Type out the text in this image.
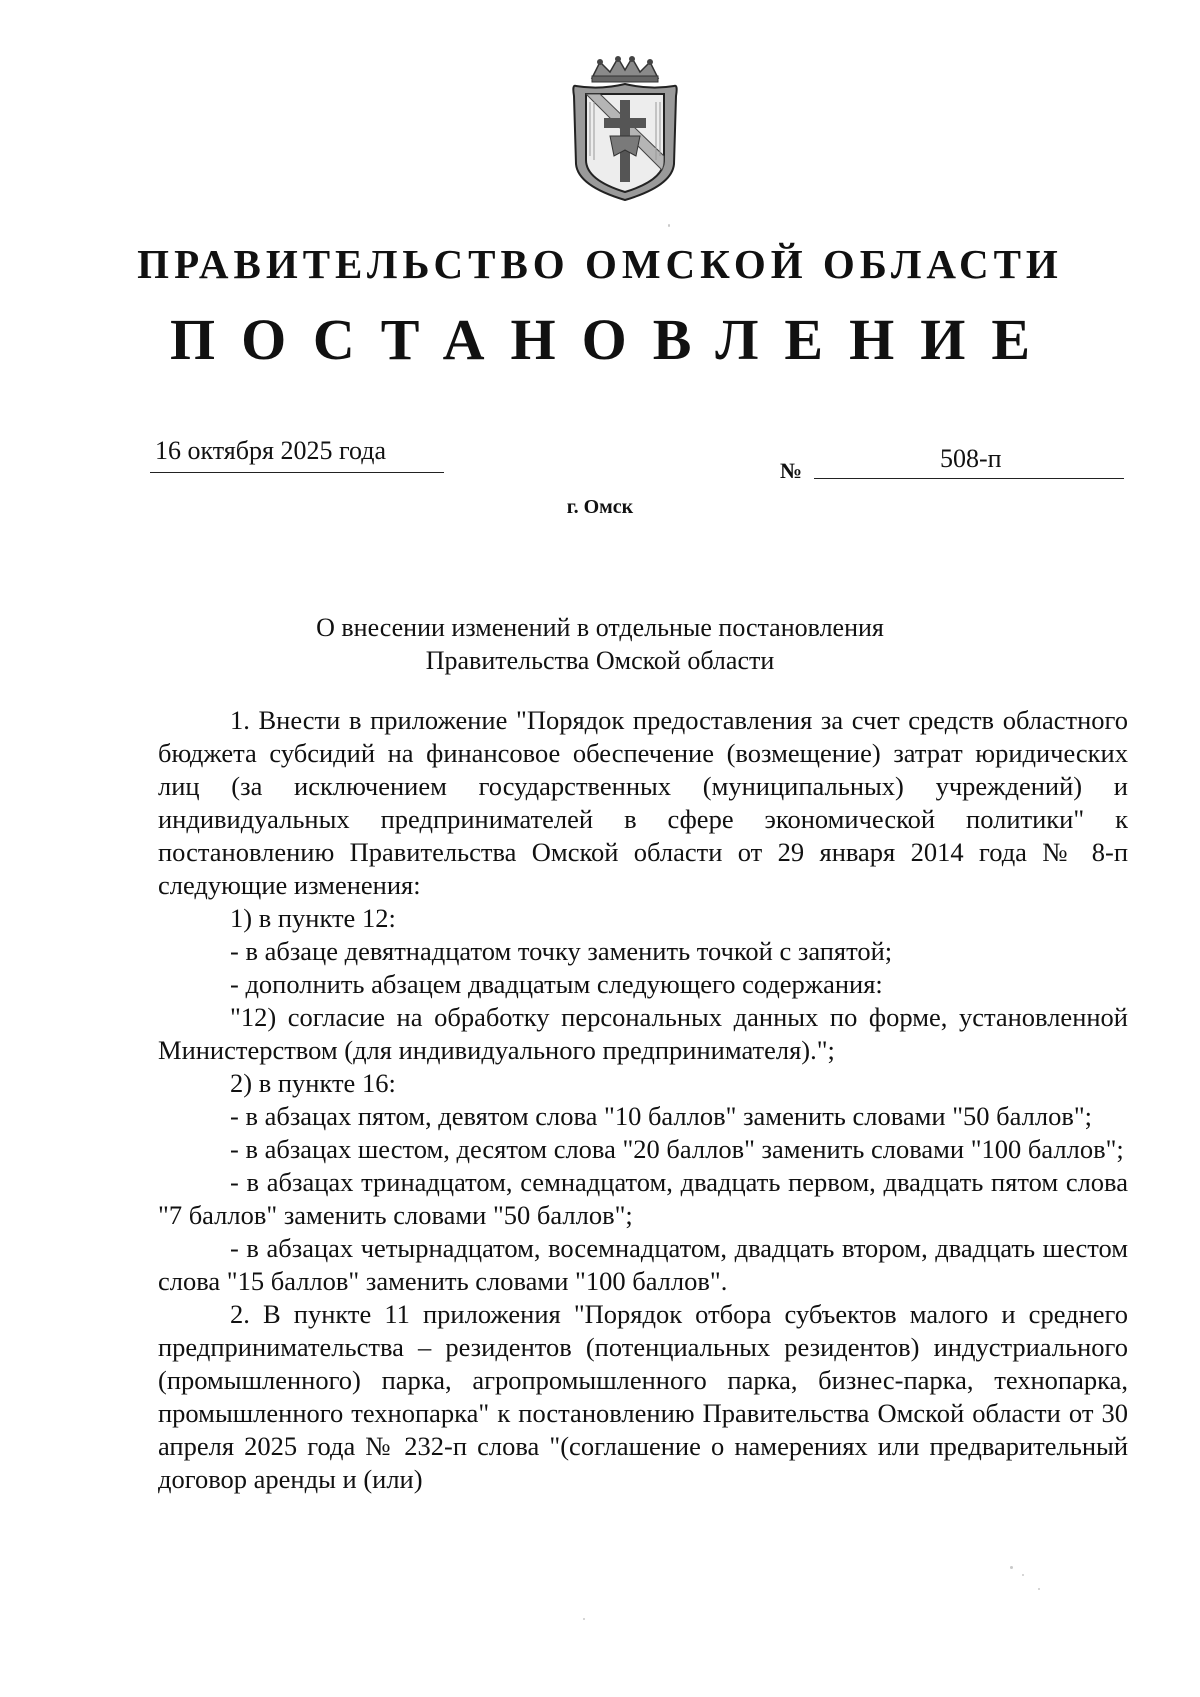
ПРАВИТЕЛЬСТВО ОМСКОЙ ОБЛАСТИ
ПОСТАНОВЛЕНИЕ
16 октября 2025 года
№	508-п
г. Омск
О внесении изменений в отдельные постановления
Правительства Омской области

1. Внести в приложение "Порядок предоставления за счет средств областного бюджета субсидий на финансовое обеспечение (возмещение) затрат юридических лиц (за исключением государственных (муниципальных) учреждений) и индивидуальных предпринимателей в сфере экономической политики" к постановлению Правительства Омской области от 29 января 2014 года № 8-п следующие изменения:

1) в пункте 12:

- в абзаце девятнадцатом точку заменить точкой с запятой;

- дополнить абзацем двадцатым следующего содержания:

"12) согласие на обработку персональных данных по форме, установленной Министерством (для индивидуального предпринимателя).";

2) в пункте 16:

- в абзацах пятом, девятом слова "10 баллов" заменить словами "50 баллов";

- в абзацах шестом, десятом слова "20 баллов" заменить словами "100 баллов";

- в абзацах тринадцатом, семнадцатом, двадцать первом, двадцать пятом слова "7 баллов" заменить словами "50 баллов";

- в абзацах четырнадцатом, восемнадцатом, двадцать втором, двадцать шестом слова "15 баллов" заменить словами "100 баллов".

2. В пункте 11 приложения "Порядок отбора субъектов малого и среднего предпринимательства – резидентов (потенциальных резидентов) индустриального (промышленного) парка, агропромышленного парка, бизнес-парка, технопарка, промышленного технопарка" к постановлению Правительства Омской области от 30 апреля 2025 года № 232-п слова "(соглашение о намерениях или предварительный договор аренды и (или)
